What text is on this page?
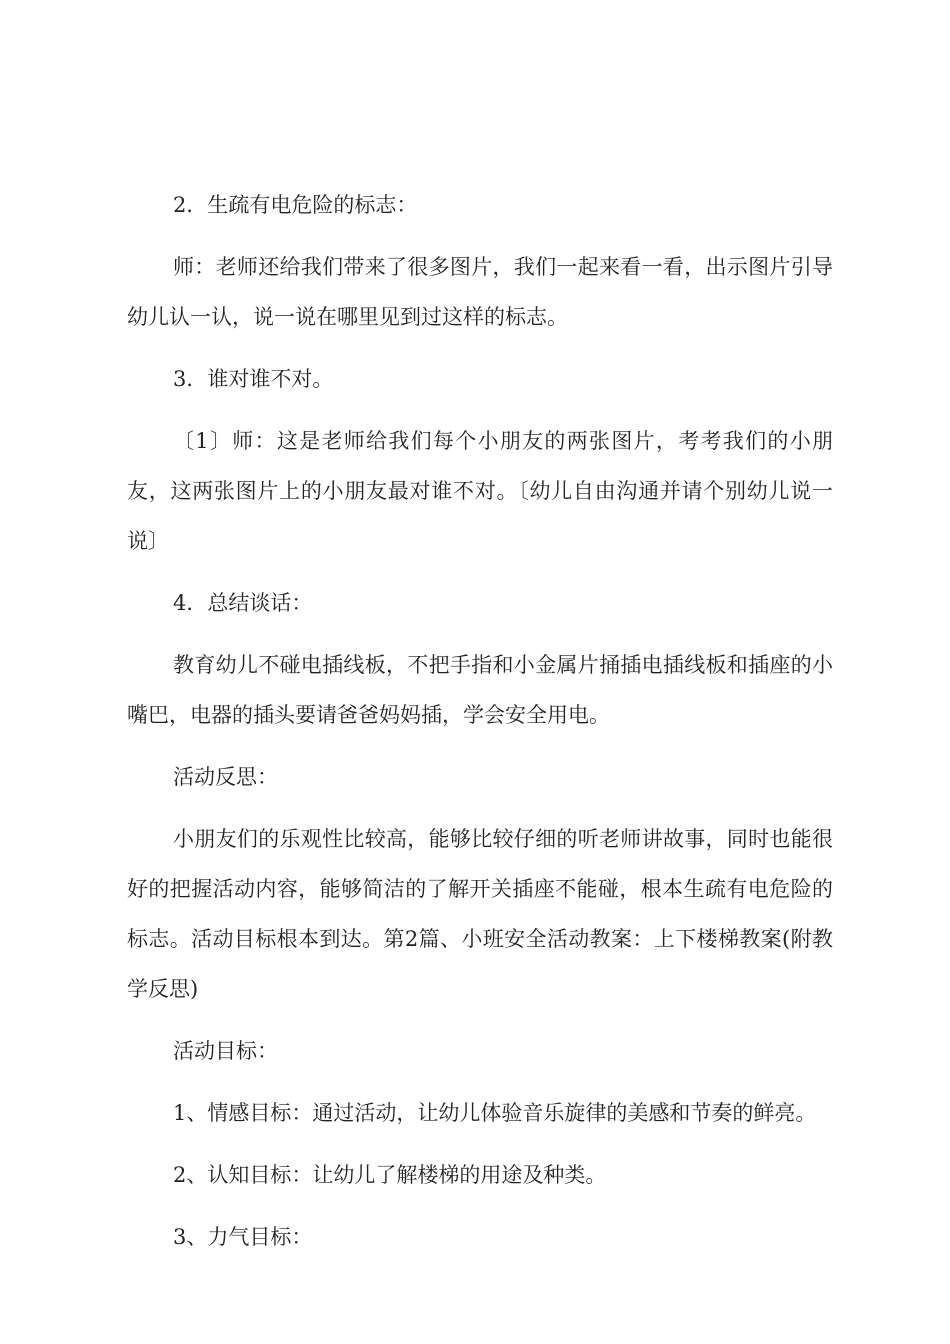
2．生疏有电危险的标志：

师：老师还给我们带来了很多图片，我们一起来看一看，出示图片引导幼儿认一认，说一说在哪里见到过这样的标志。

3．谁对谁不对。

〔1〕师：这是老师给我们每个小朋友的两张图片，考考我们的小朋友，这两张图片上的小朋友最对谁不对。〔幼儿自由沟通并请个别幼儿说一说〕

4．总结谈话：

教育幼儿不碰电插线板，不把手指和小金属片捅插电插线板和插座的小嘴巴，电器的插头要请爸爸妈妈插，学会安全用电。

活动反思：

小朋友们的乐观性比较高，能够比较仔细的听老师讲故事，同时也能很好的把握活动内容，能够简洁的了解开关插座不能碰，根本生疏有电危险的标志。活动目标根本到达。第2篇、小班安全活动教案：上下楼梯教案(附教学反思)

活动目标：

1、情感目标：通过活动，让幼儿体验音乐旋律的美感和节奏的鲜亮。

2、认知目标：让幼儿了解楼梯的用途及种类。

3、力气目标：
